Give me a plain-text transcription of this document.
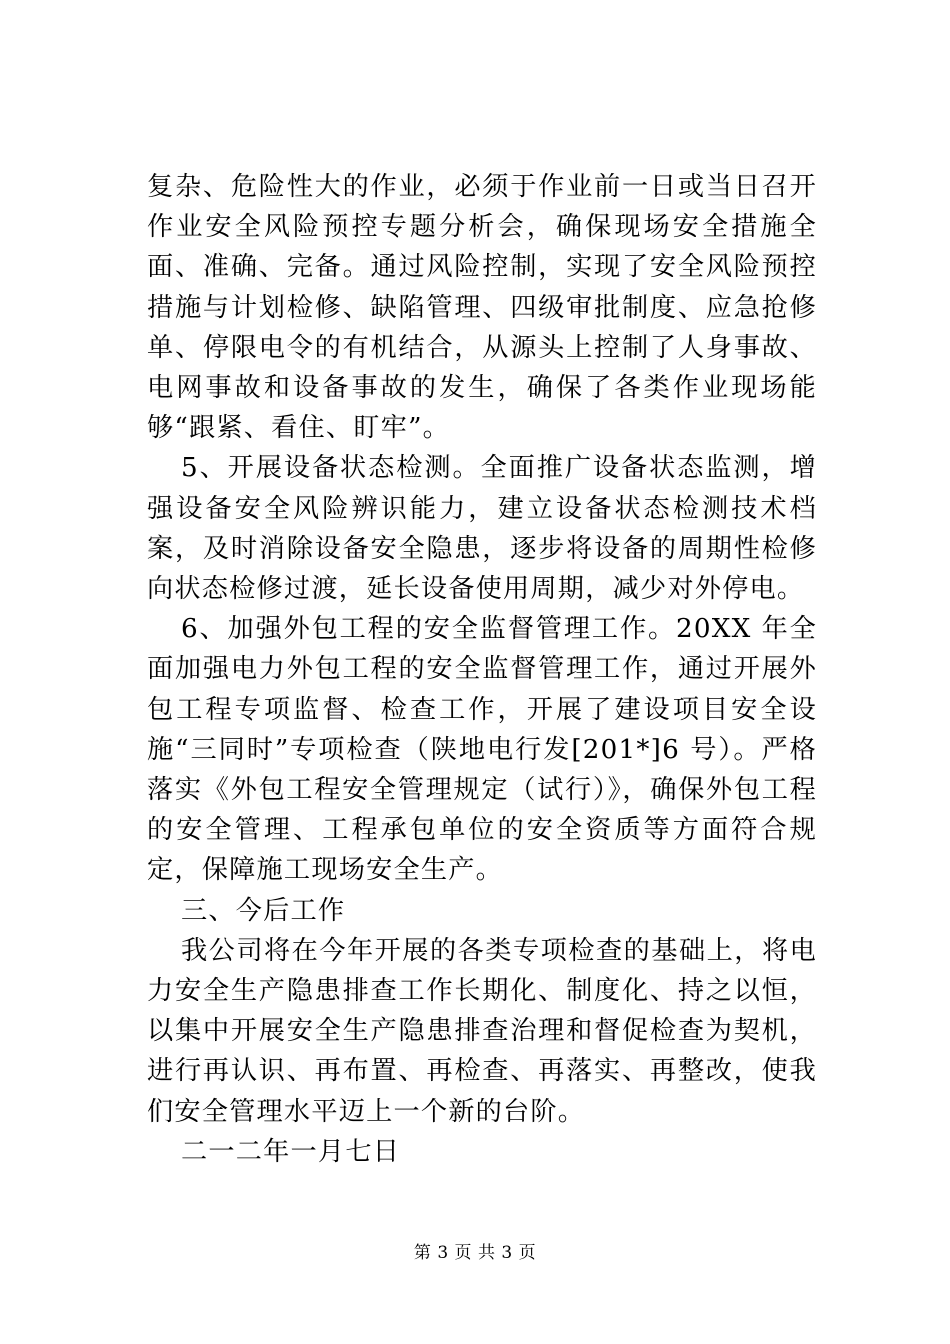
复杂、危险性大的作业，必须于作业前一日或当日召开作业安全风险预控专题分析会，确保现场安全措施全面、准确、完备。通过风险控制，实现了安全风险预控措施与计划检修、缺陷管理、四级审批制度、应急抢修单、停限电令的有机结合，从源头上控制了人身事故、电网事故和设备事故的发生，确保了各类作业现场能够“跟紧、看住、盯牢”。

5、开展设备状态检测。全面推广设备状态监测，增强设备安全风险辨识能力，建立设备状态检测技术档案，及时消除设备安全隐患，逐步将设备的周期性检修向状态检修过渡，延长设备使用周期，减少对外停电。

6、加强外包工程的安全监督管理工作。20XX 年全面加强电力外包工程的安全监督管理工作，通过开展外包工程专项监督、检查工作，开展了建设项目安全设施“三同时”专项检查（陕地电行发[201*]6 号）。严格落实《外包工程安全管理规定（试行）》，确保外包工程的安全管理、工程承包单位的安全资质等方面符合规定，保障施工现场安全生产。

三、今后工作

我公司将在今年开展的各类专项检查的基础上，将电力安全生产隐患排查工作长期化、制度化、持之以恒，以集中开展安全生产隐患排查治理和督促检查为契机，进行再认识、再布置、再检查、再落实、再整改，使我们安全管理水平迈上一个新的台阶。

二一二年一月七日

第 3 页 共 3 页
